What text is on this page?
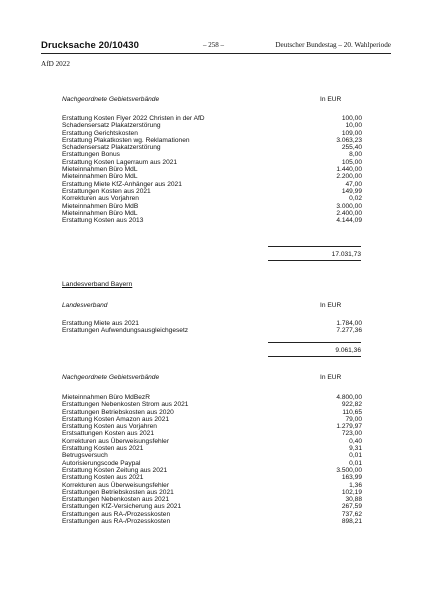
Drucksache 20/10430	– 258 –	Deutscher Bundestag – 20. Wahlperiode
AfD 2022
Nachgeordnete Gebietsverbände	In EUR
Erstattung Kosten Flyer 2022 Christen in der AfD	100,00
Schadensersatz Plakatzerstörung	10,00
Erstattung Gerichtskosten	109,00
Erstattung Plakatkosten wg. Reklamationen	3.063,23
Schadensersatz Plakatzerstörung	255,40
Erstattungen Bonus	8,00
Erstattung Kosten Lagerraum aus 2021	105,00
Mieteinnahmen Büro MdL	1.440,00
Mieteinnahmen Büro MdL	2.200,00
Erstattung Miete KfZ-Anhänger aus 2021	47,00
Erstattungen Kosten aus 2021	149,99
Korrekturen aus Vorjahren	0,02
Mieteinnahmen Büro MdB	3.000,00
Mieteinnahmen Büro MdL	2.400,00
Erstattung Kosten aus 2013	4.144,09
17.031,73
Landesverband Bayern
Landesverband	In EUR
Erstattung Miete aus 2021	1.784,00
Erstattungen Aufwendungsausgleichgesetz	7.277,36
9.061,36
Nachgeordnete Gebietsverbände	In EUR
Mieteinnahmen Büro MdBezR	4.800,00
Erstattungen Nebenkosten Strom aus 2021	922,82
Erstattungen Betriebskosten aus 2020	110,65
Erstattung Kosten Amazon aus 2021	79,00
Erstattung Kosten aus Vorjahren	1.279,97
Erstsattungen Kosten aus 2021	723,00
Korrekturen aus Überweisungsfehler	0,40
Erstattung Kosten aus 2021	9,31
Betrugsversuch	0,01
Autorisierungscode Paypal	0,01
Erstattung Kosten Zeitung aus 2021	3.500,00
Erstattung Kosten aus 2021	163,99
Korrekturen aus Überweisungsfehler	1,36
Erstattungen Betriebskosten aus 2021	102,19
Erstattungen Nebenkosten aus 2021	30,88
Erstattungen KfZ-Versicherung aus 2021	267,59
Erstattungen aus RA-/Prozesskosten	737,62
Erstattungen aus RA-/Prozesskosten	898,21
